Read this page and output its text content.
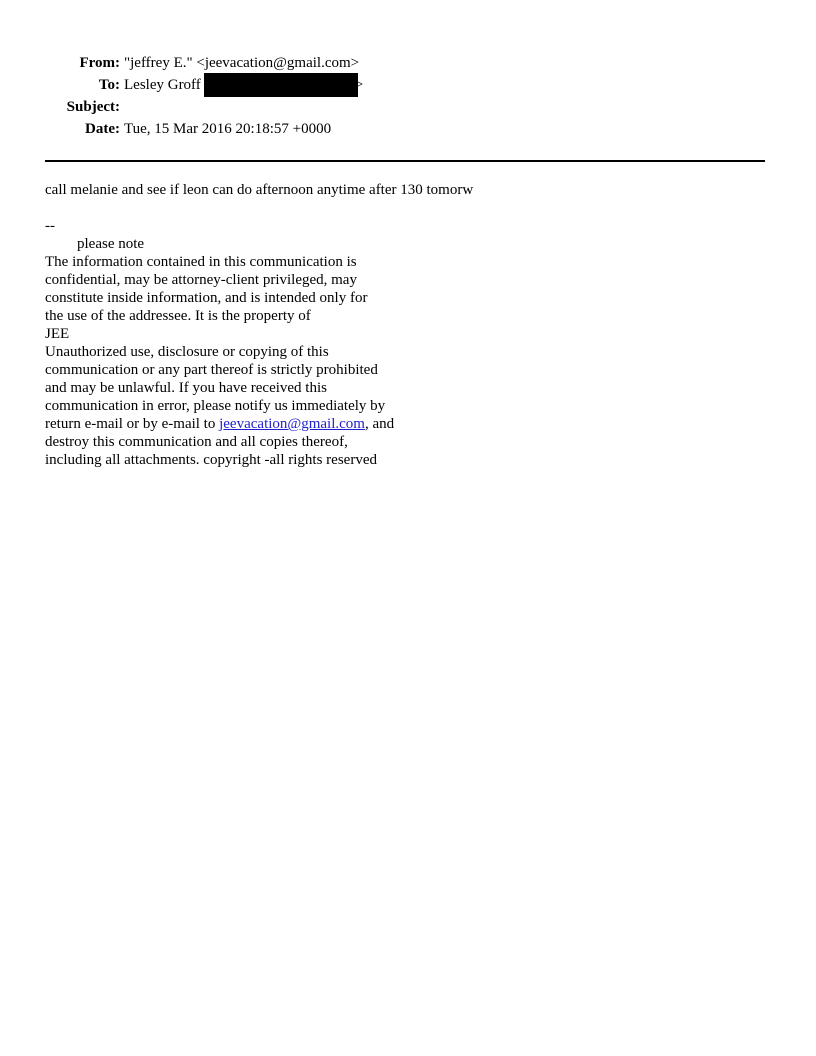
From: "jeffrey E." <jeevacation@gmail.com>
To: Lesley Groff	>
Subject:
Date: Tue, 15 Mar 2016 20:18:57 +0000
call melanie and see if leon can do afternoon anytime after 130 tomorw
--
please note
The information contained in this communication is
confidential, may be attorney-client privileged, may
constitute inside information, and is intended only for
the use of the addressee. It is the property of
JEE
Unauthorized use, disclosure or copying of this
communication or any part thereof is strictly prohibited
and may be unlawful. If you have received this
communication in error, please notify us immediately by
return e-mail or by e-mail to jeevacation@gmail.com, and
destroy this communication and all copies thereof,
including all attachments. copyright -all rights reserved
